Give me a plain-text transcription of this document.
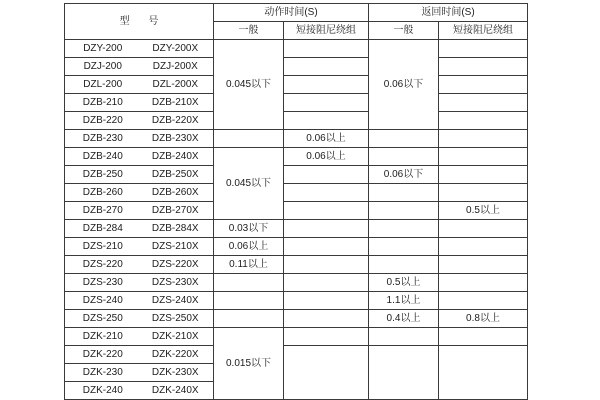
型 号	动作时间(S)		返回时间(S)	
	一般	短接阻尼绕组	一般	短接阻尼绕组
DZY-200 DZY-200X	0.045以下		0.06以下	
DZJ-200 DZJ-200X				
DZL-200 DZL-200X				
DZB-210 DZB-210X				
DZB-220 DZB-220X				
DZB-230 DZB-230X		0.06以上		
DZB-240 DZB-240X	0.045以下	0.06以上		
DZB-250 DZB-250X			0.06以下	
DZB-260 DZB-260X				
DZB-270 DZB-270X				0.5以上
DZB-284 DZB-284X	0.03以下			
DZS-210 DZS-210X	0.06以上			
DZS-220 DZS-220X	0.11以上			
DZS-230 DZS-230X			0.5以上	
DZS-240 DZS-240X			1.1以上	
DZS-250 DZS-250X			0.4以上	0.8以上
DZK-210 DZK-210X	0.015以下			
DZK-220 DZK-220X				
DZK-230 DZK-230X				
DZK-240 DZK-240X				
